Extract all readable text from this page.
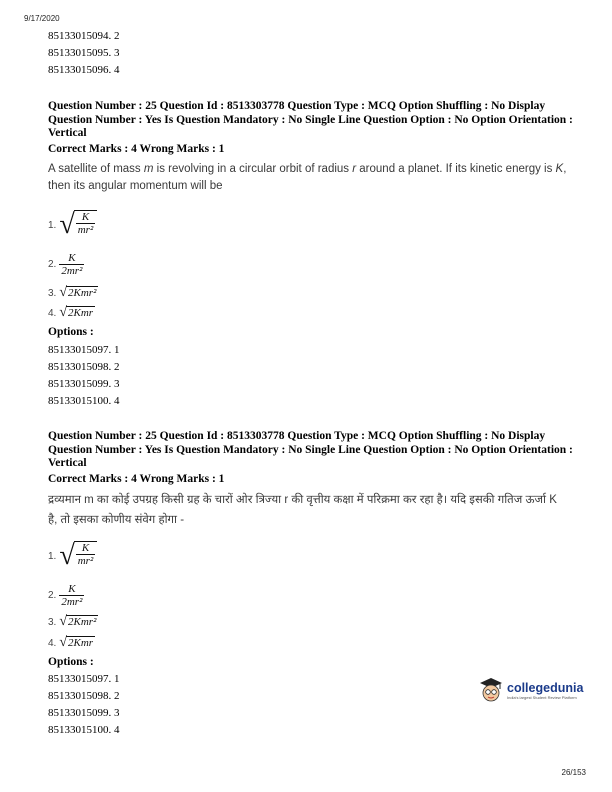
9/17/2020
85133015094. 2
85133015095. 3
85133015096. 4
Question Number : 25 Question Id : 8513303778 Question Type : MCQ Option Shuffling : No Display Question Number : Yes Is Question Mandatory : No Single Line Question Option : No Option Orientation : Vertical
Correct Marks : 4 Wrong Marks : 1
A satellite of mass m is revolving in a circular orbit of radius r around a planet. If its kinetic energy is K, then its angular momentum will be
1. √ $\frac{K}{\text{mr²}}$
2. $\frac{K}{\text{2mr²}}$
3. √ 2Kmr²
4. √ 2Kmr
Options :
85133015097. 1
85133015098. 2
85133015099. 3
85133015100. 4
Question Number : 25 Question Id : 8513303778 Question Type : MCQ Option Shuffling : No Display Question Number : Yes Is Question Mandatory : No Single Line Question Option : No Option Orientation : Vertical
Correct Marks : 4 Wrong Marks : 1
द्रव्यमान m का कोई उपग्रह किसी ग्रह के चारों ओर त्रिज्या r की वृत्तीय कक्षा में परिक्रमा कर रहा है। यदि इसकी गतिज ऊर्जा K है, तो इसका कोणीय संवेग होगा -
1. √ $\frac{K}{\text{mr²}}$
2. $\frac{K}{\text{2mr²}}$
3. √ 2Kmr²
4. √ 2Kmr
Options :
85133015097. 1
85133015098. 2
85133015099. 3
85133015100. 4
collegedunia
India's largest Student Review Platform
26/153
